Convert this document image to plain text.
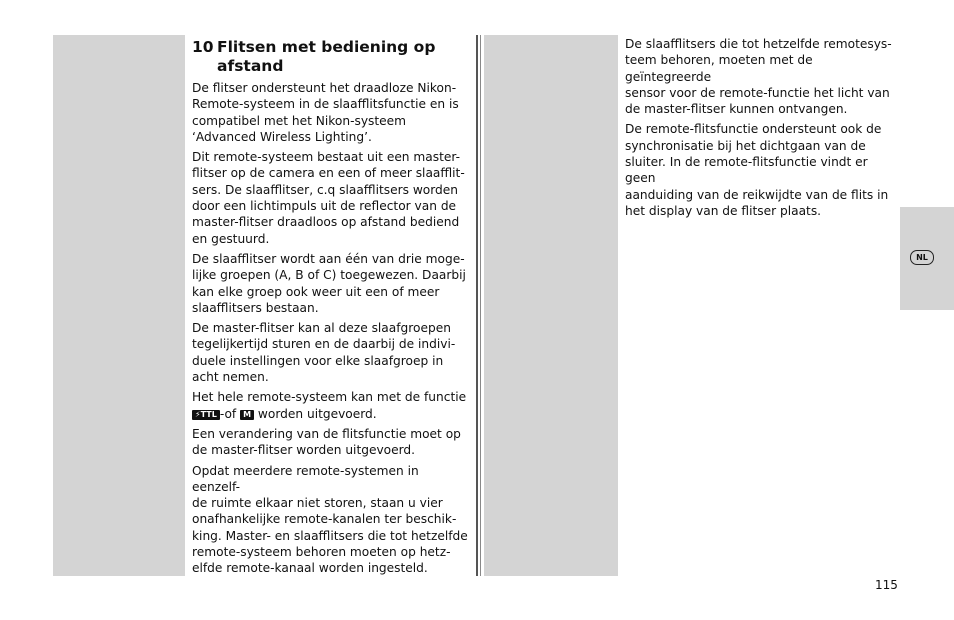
10 Flitsen met bediening op
afstand

De flitser ondersteunt het draadloze Nikon-
Remote-systeem in de slaafflitsfunctie en is
compatibel met het Nikon-systeem
‘Advanced Wireless Lighting’.

Dit remote-systeem bestaat uit een master-
flitser op de camera en een of meer slaafflit-
sers. De slaafflitser, c.q slaafflitsers worden
door een lichtimpuls uit de reflector van de
master-flitser draadloos op afstand bediend
en gestuurd.

De slaafflitser wordt aan één van drie moge-
lijke groepen (A, B of C) toegewezen. Daarbij
kan elke groep ook weer uit een of meer
slaafflitsers bestaan.

De master-flitser kan al deze slaafgroepen
tegelijkertijd sturen en de daarbij de indivi-
duele instellingen voor elke slaafgroep in
acht nemen.

Het hele remote-systeem kan met de functie
⚡TTL -of M worden uitgevoerd.

Een verandering van de flitsfunctie moet op
de master-flitser worden uitgevoerd.

Opdat meerdere remote-systemen in eenzelf-
de ruimte elkaar niet storen, staan u vier
onafhankelijke remote-kanalen ter beschik-
king. Master- en slaafflitsers die tot hetzelfde
remote-systeem behoren moeten op hetz-
elfde remote-kanaal worden ingesteld.

De slaafflitsers die tot hetzelfde remotesys-
teem behoren, moeten met de geïntegreerde
sensor voor de remote-functie het licht van
de master-flitser kunnen ontvangen.

De remote-flitsfunctie ondersteunt ook de
synchronisatie bij het dichtgaan van de
sluiter. In de remote-flitsfunctie vindt er geen
aanduiding van de reikwijdte van de flits in
het display van de flitser plaats.

NL
115
